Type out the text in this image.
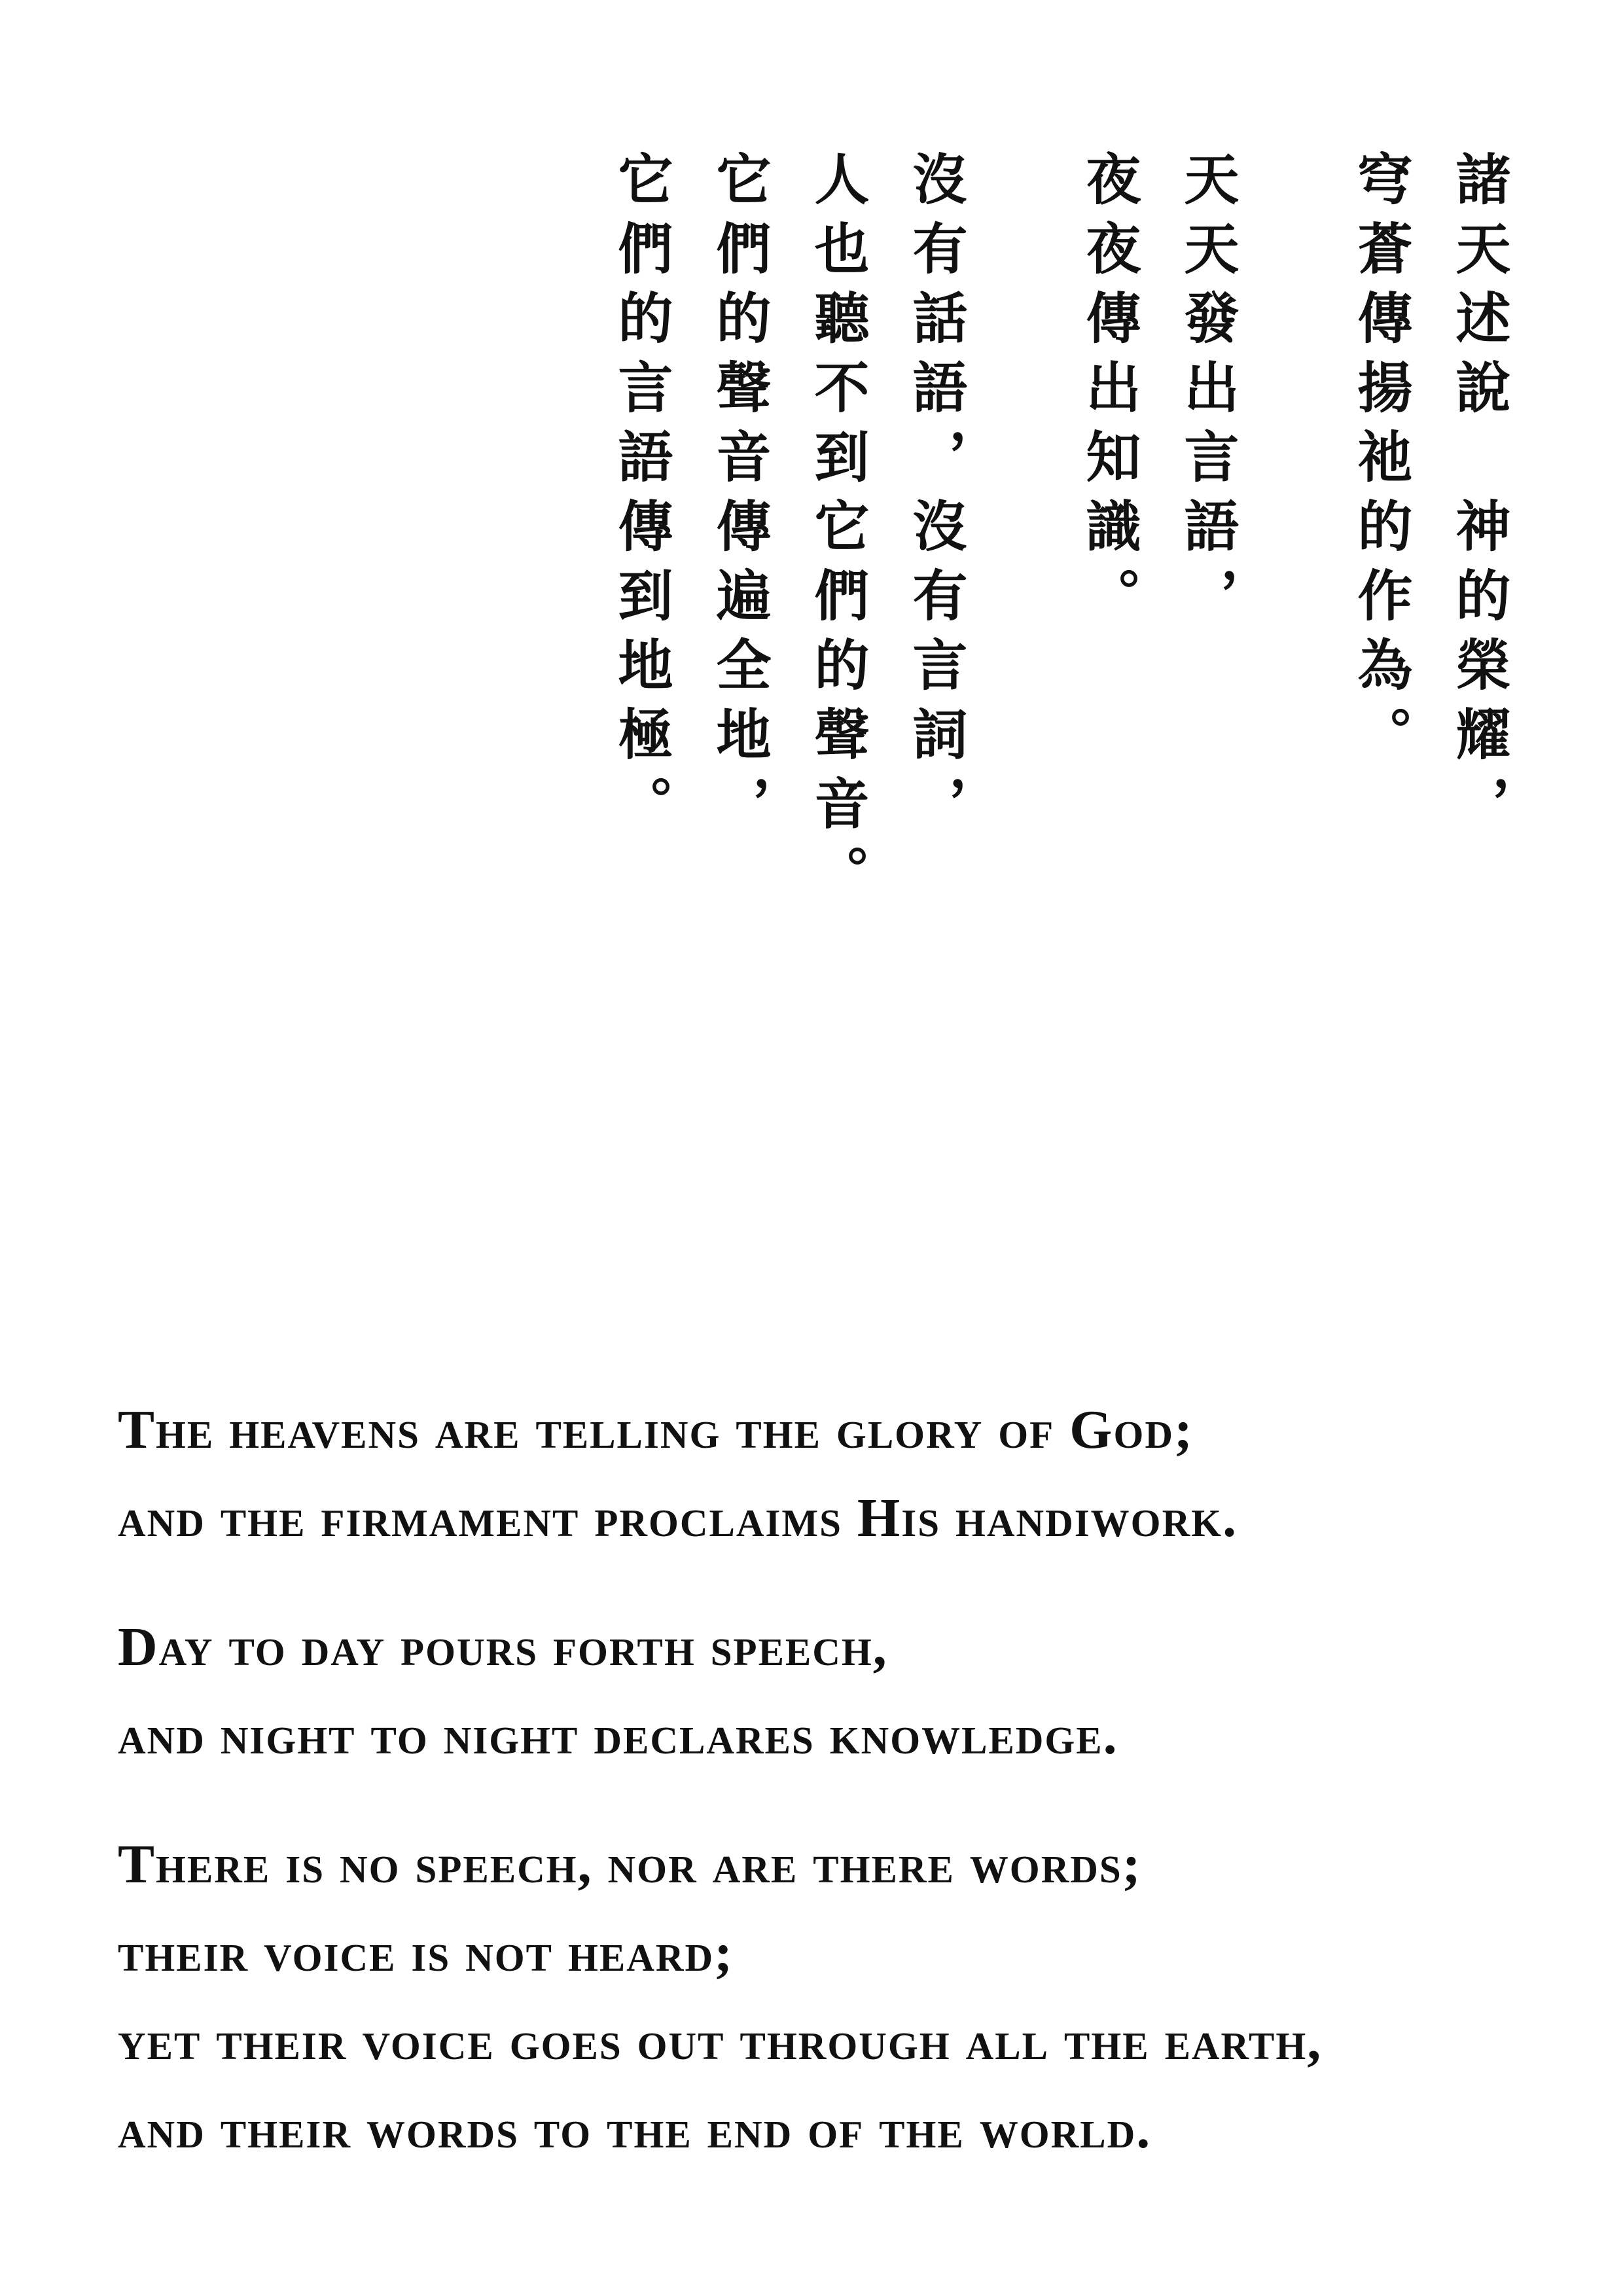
諸天述說　神的榮耀，
穹蒼傳揚祂的作為。
天天發出言語，
夜夜傳出知識。
沒有話語，沒有言詞，
人也聽不到它們的聲音。
它們的聲音傳遍全地，
它們的言語傳到地極。
The heavens are telling the glory of God;
and the firmament proclaims His handiwork.
Day to day pours forth speech,
and night to night declares knowledge.
There is no speech, nor are there words;
their voice is not heard;
yet their voice goes out through all the earth,
and their words to the end of the world.
